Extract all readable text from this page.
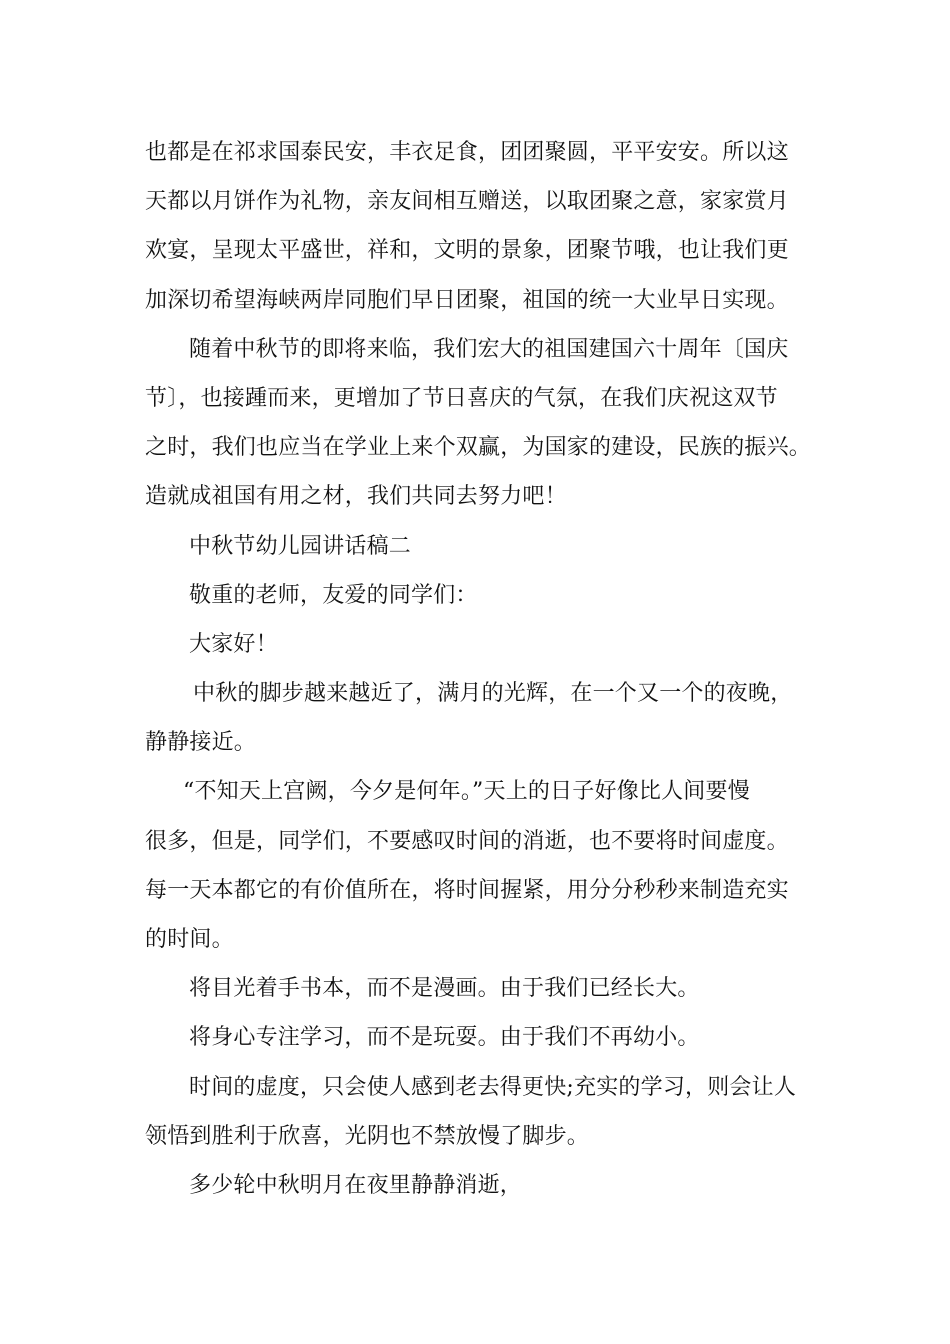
也都是在祁求国泰民安，丰衣足食，团团聚圆，平平安安。所以这
天都以月饼作为礼物，亲友间相互赠送，以取团聚之意，家家赏月
欢宴，呈现太平盛世，祥和，文明的景象，团聚节哦，也让我们更
加深切希望海峡两岸同胞们早日团聚，祖国的统一大业早日实现。
随着中秋节的即将来临，我们宏大的祖国建国六十周年〔国庆
节〕，也接踵而来，更增加了节日喜庆的气氛，在我们庆祝这双节
之时，我们也应当在学业上来个双赢，为国家的建设，民族的振兴。
造就成祖国有用之材，我们共同去努力吧！
中秋节幼儿园讲话稿二
敬重的老师，友爱的同学们：
大家好！
中秋的脚步越来越近了，满月的光辉，在一个又一个的夜晚，
静静接近。
“不知天上宫阙，今夕是何年。”天上的日子好像比人间要慢
很多，但是，同学们，不要感叹时间的消逝，也不要将时间虚度。
每一天本都它的有价值所在，将时间握紧，用分分秒秒来制造充实
的时间。
将目光着手书本，而不是漫画。由于我们已经长大。
将身心专注学习，而不是玩耍。由于我们不再幼小。
时间的虚度，只会使人感到老去得更快;充实的学习，则会让人
领悟到胜利于欣喜，光阴也不禁放慢了脚步。
多少轮中秋明月在夜里静静消逝，
